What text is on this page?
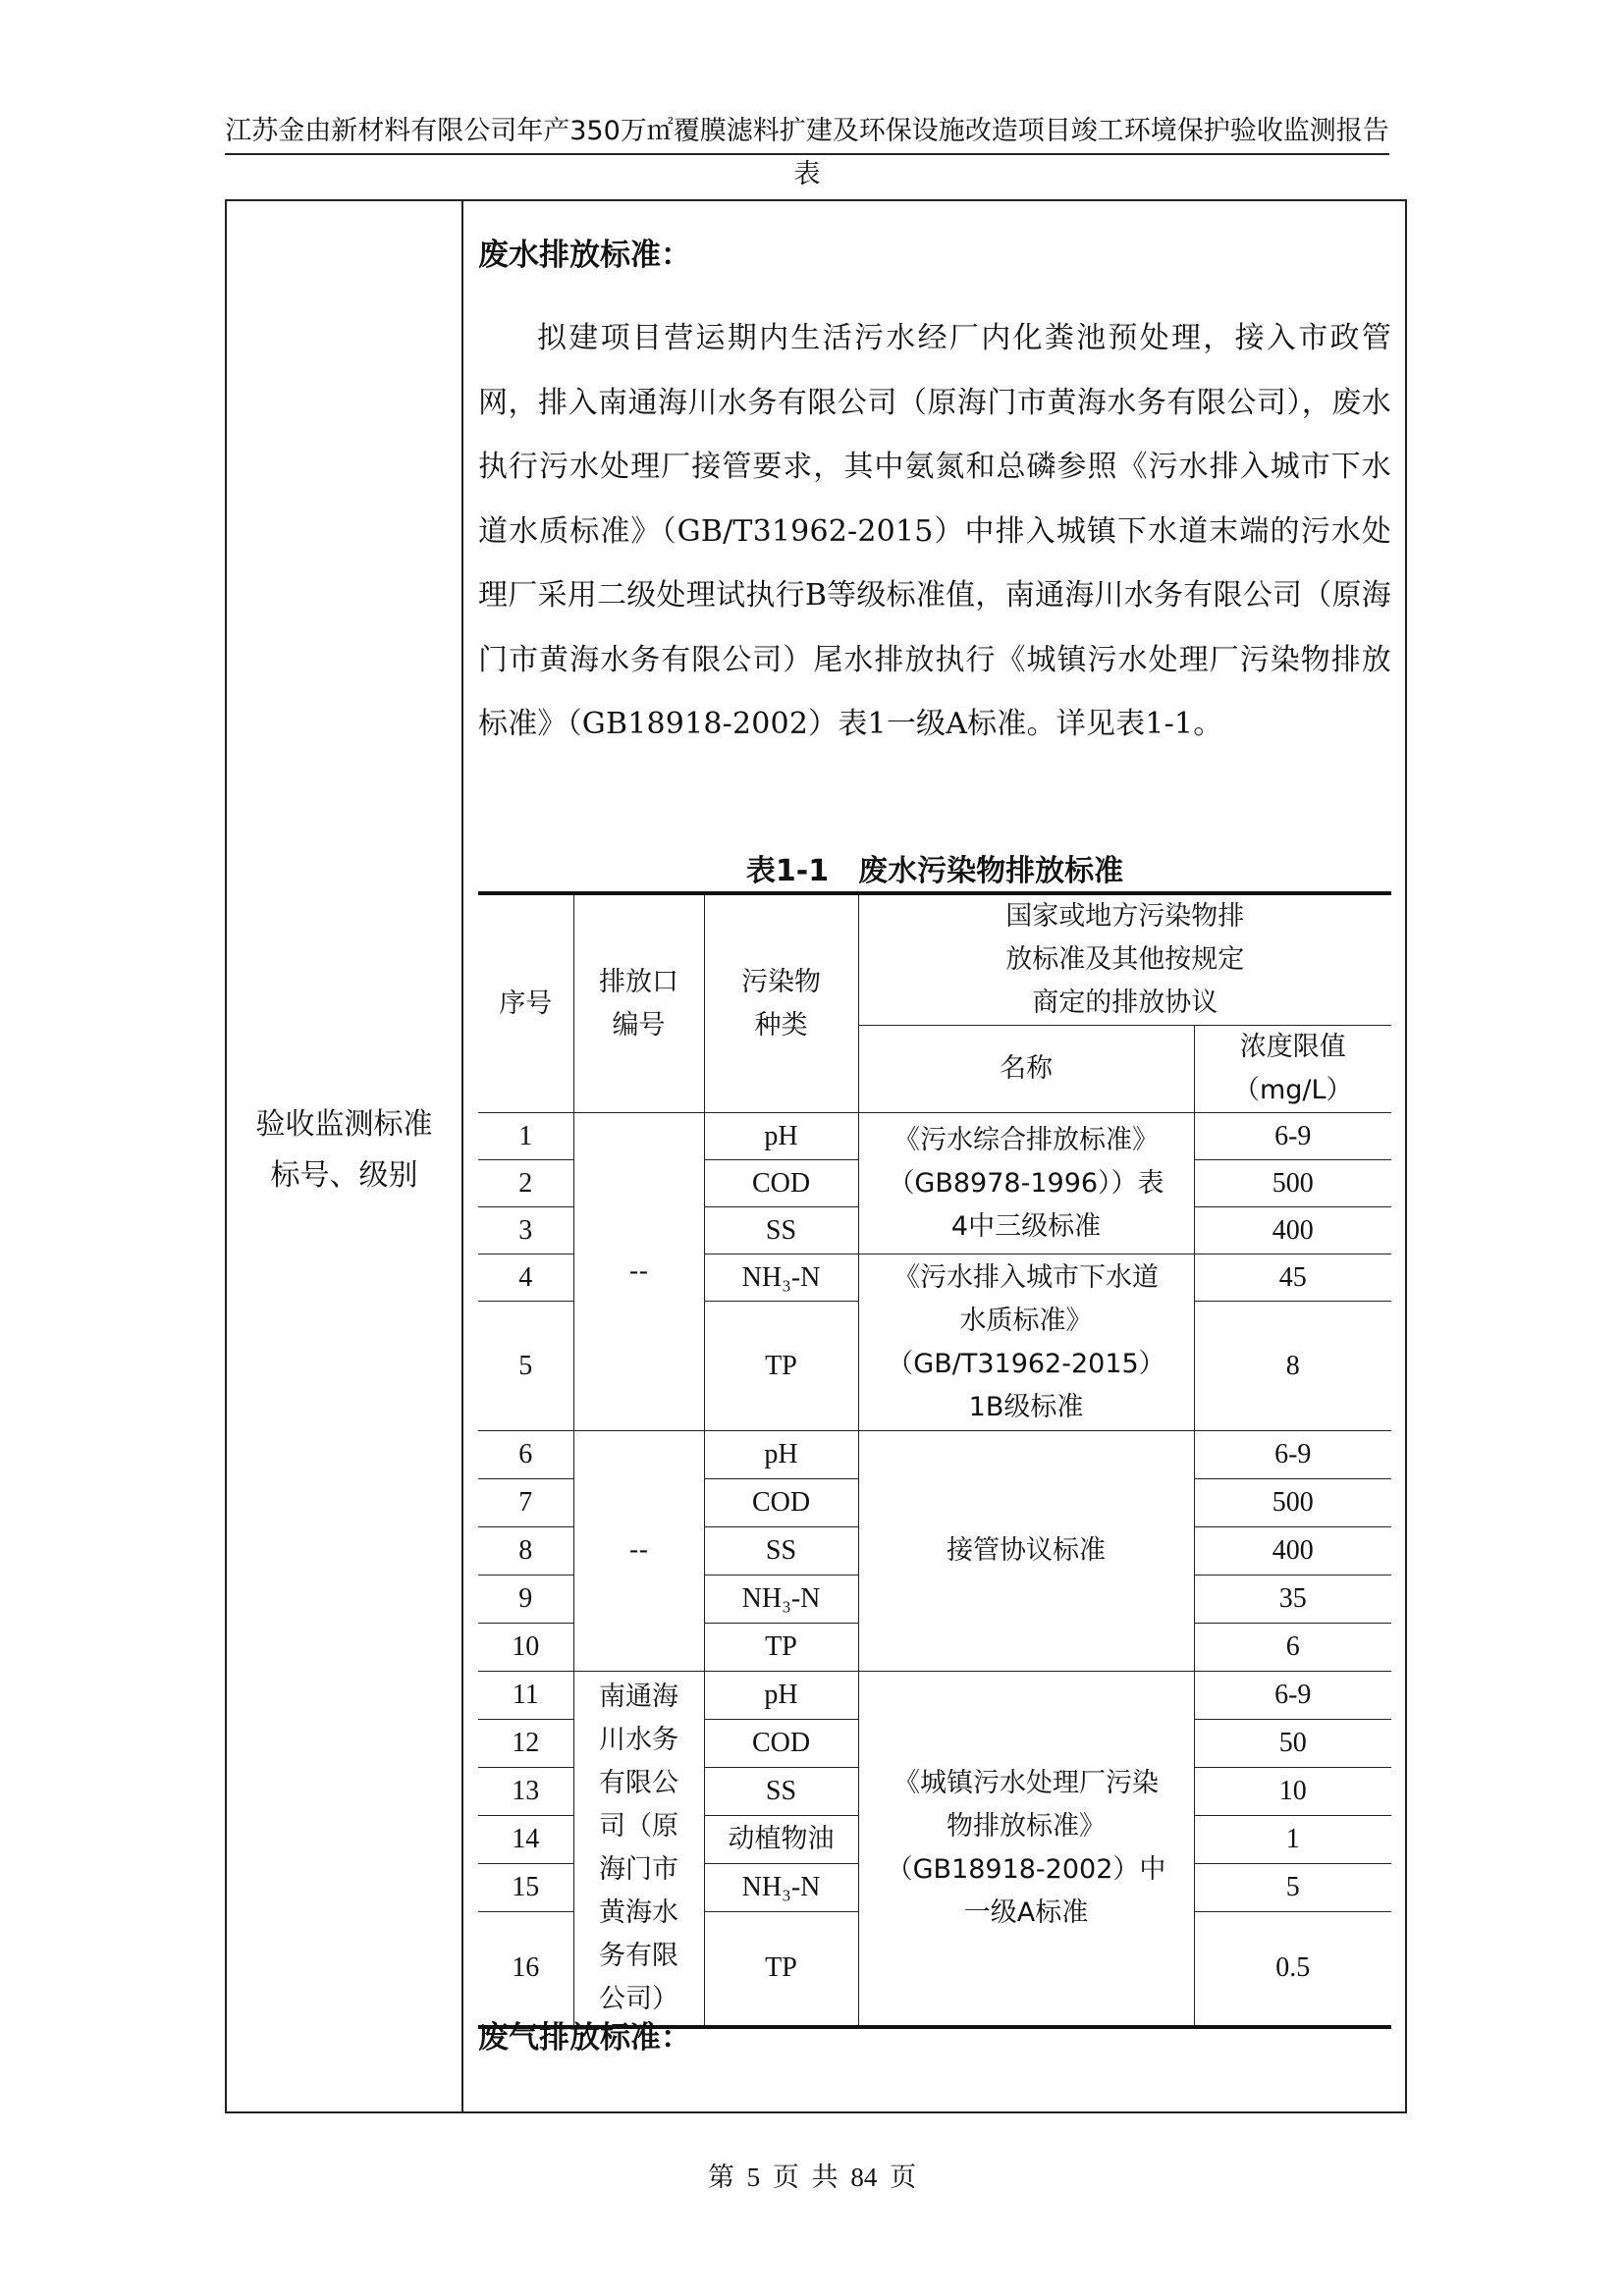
江苏金由新材料有限公司年产350万㎡覆膜滤料扩建及环保设施改造项目竣工环境保护验收监测报告表
验收监测标准
标号、级别
废水排放标准：
拟建项目营运期内生活污水经厂内化粪池预处理，接入市政管网，排入南通海川水务有限公司（原海门市黄海水务有限公司），废水执行污水处理厂接管要求，其中氨氮和总磷参照《污水排入城市下水道水质标准》（GB/T31962-2015）中排入城镇下水道末端的污水处理厂采用二级处理试执行B等级标准值，南通海川水务有限公司（原海门市黄海水务有限公司）尾水排放执行《城镇污水处理厂污染物排放标准》（GB18918-2002）表1一级A标准。详见表1-1。
表1-1　废水污染物排放标准
序号	排放口编号	污染物种类	国家或地方污染物排放标准及其他按规定商定的排放协议	

			名称	浓度限值（mg/L）

1	--	pH	《污水综合排放标准》（GB8978-1996））表4中三级标准	6-9
2		COD		500
3		SS		400
4		NH₃-N	《污水排入城市下水道水质标准》（GB/T31962-2015）1B级标准	45
5		TP		8
6	--	pH	接管协议标准	6-9
7		COD		500
8		SS		400
9		NH₃-N		35
10		TP		6
11	南通海川水务有限公司（原海门市黄海水务有限公司）	pH	《城镇污水处理厂污染物排放标准》（GB18918-2002）中一级A标准	6-9
12		COD		50
13		SS		10
14		动植物油		1
15		NH₃-N		5
16		TP		0.5
废气排放标准：
第 5 页 共 84 页
